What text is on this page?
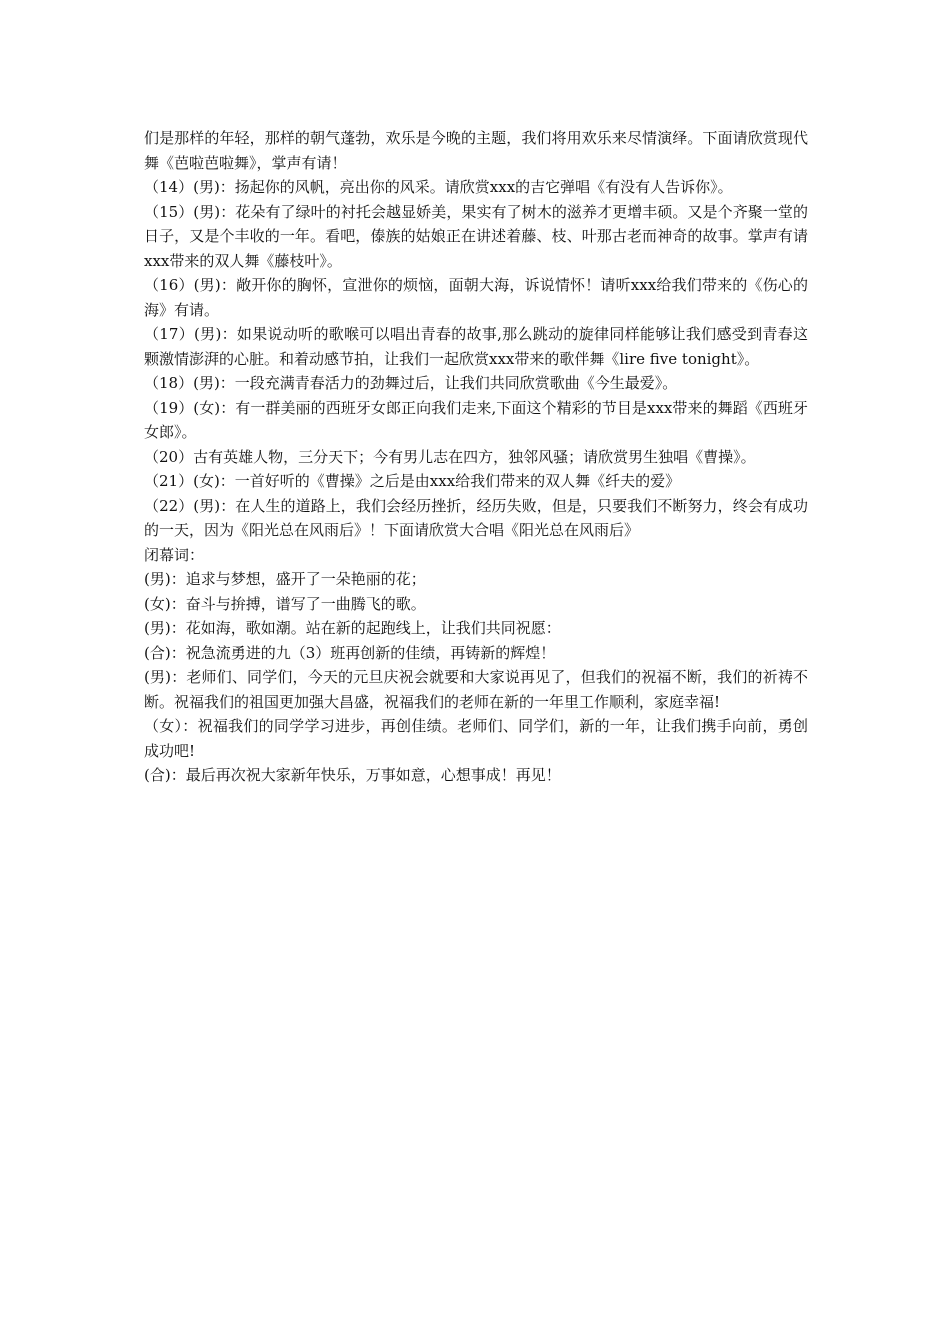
们是那样的年轻，那样的朝气蓬勃，欢乐是今晚的主题，我们将用欢乐来尽情演绎。下面请欣赏现代舞《芭啦芭啦舞》，掌声有请！

（14）(男)：扬起你的风帆，亮出你的风采。请欣赏xxx的吉它弹唱《有没有人告诉你》。

（15）(男)：花朵有了绿叶的衬托会越显娇美，果实有了树木的滋养才更增丰硕。又是个齐聚一堂的日子，又是个丰收的一年。看吧，傣族的姑娘正在讲述着藤、枝、叶那古老而神奇的故事。掌声有请xxx带来的双人舞《藤枝叶》。

（16）(男)：敞开你的胸怀，宣泄你的烦恼，面朝大海，诉说情怀！请听xxx给我们带来的《伤心的海》有请。

（17）(男)：如果说动听的歌喉可以唱出青春的故事,那么跳动的旋律同样能够让我们感受到青春这颗激情澎湃的心脏。和着动感节拍，让我们一起欣赏xxx带来的歌伴舞《lire five tonight》。

（18）(男)：一段充满青春活力的劲舞过后，让我们共同欣赏歌曲《今生最爱》。

（19）(女)：有一群美丽的西班牙女郎正向我们走来,下面这个精彩的节目是xxx带来的舞蹈《西班牙女郎》。

（20）古有英雄人物，三分天下；今有男儿志在四方，独邻风骚；请欣赏男生独唱《曹操》。

（21）(女)：一首好听的《曹操》之后是由xxx给我们带来的双人舞《纤夫的爱》

（22）(男)：在人生的道路上，我们会经历挫折，经历失败，但是，只要我们不断努力，终会有成功的一天，因为《阳光总在风雨后》！下面请欣赏大合唱《阳光总在风雨后》

闭幕词：

(男)：追求与梦想，盛开了一朵艳丽的花；

(女)：奋斗与拚搏，谱写了一曲腾飞的歌。

(男)：花如海，歌如潮。站在新的起跑线上，让我们共同祝愿：

(合)：祝急流勇进的九（3）班再创新的佳绩，再铸新的辉煌！

(男)：老师们、同学们，今天的元旦庆祝会就要和大家说再见了，但我们的祝福不断，我们的祈祷不断。祝福我们的祖国更加强大昌盛，祝福我们的老师在新的一年里工作顺利，家庭幸福!

（女）：祝福我们的同学学习进步，再创佳绩。老师们、同学们，新的一年，让我们携手向前，勇创成功吧!

(合)：最后再次祝大家新年快乐，万事如意，心想事成！再见！
